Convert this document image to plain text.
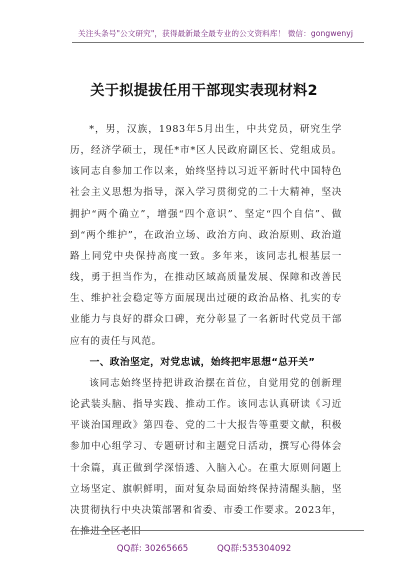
关注头条号"公文研究"，获得最新最全最专业的公文资料库！ 微信：gongwenyj
关于拟提拔任用干部现实表现材料2

*，男，汉族，1983年5月出生，中共党员，研究生学历，经济学硕士，现任*市*区人民政府副区长、党组成员。该同志自参加工作以来，始终坚持以习近平新时代中国特色社会主义思想为指导，深入学习贯彻党的二十大精神，坚决拥护“两个确立”，增强“四个意识”、坚定“四个自信”、做到“两个维护”，在政治立场、政治方向、政治原则、政治道路上同党中央保持高度一致。多年来，该同志扎根基层一线，勇于担当作为，在推动区域高质量发展、保障和改善民生、维护社会稳定等方面展现出过硬的政治品格、扎实的专业能力与良好的群众口碑，充分彰显了一名新时代党员干部应有的责任与风范。

一、政治坚定，对党忠诚，始终把牢思想“总开关”

该同志始终坚持把讲政治摆在首位，自觉用党的创新理论武装头脑、指导实践、推动工作。该同志认真研读《习近平谈治国理政》第四卷、党的二十大报告等重要文献，积极参加中心组学习、专题研讨和主题党日活动，撰写心得体会十余篇，真正做到学深悟透、入脑入心。在重大原则问题上立场坚定、旗帜鲜明，面对复杂局面始终保持清醒头脑，坚决贯彻执行中央决策部署和省委、市委工作要求。2023年，在推进全区老旧

QQ群: 30265665	QQ群:535304092
